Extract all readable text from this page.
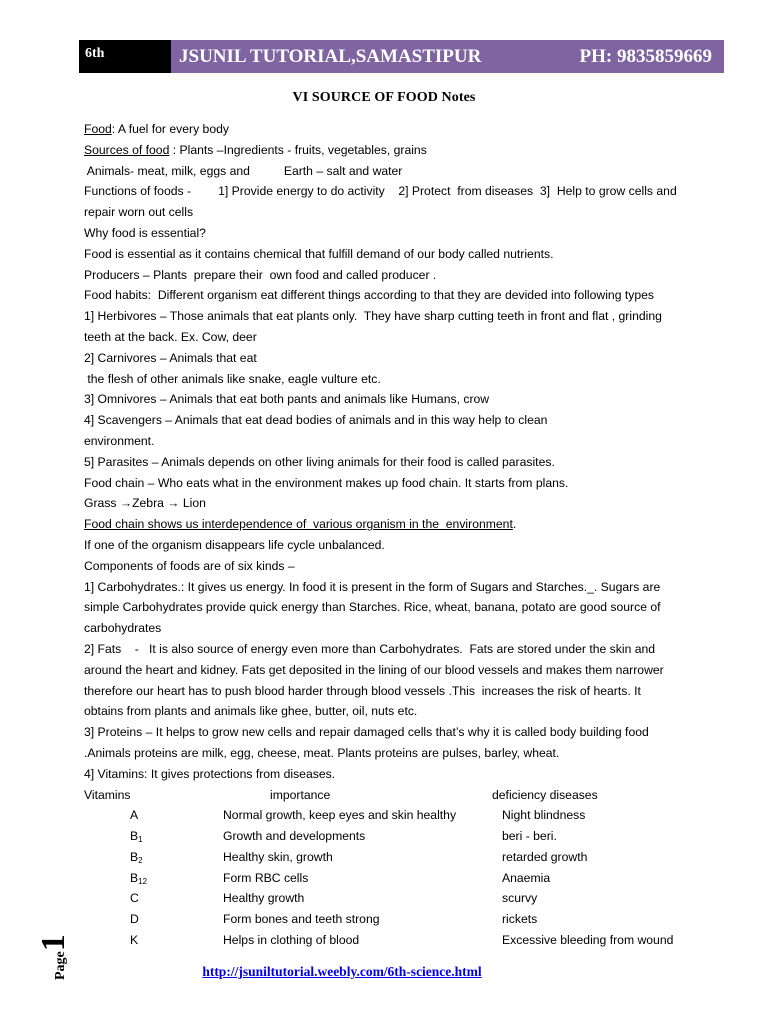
6th	JSUNIL TUTORIAL,SAMASTIPUR	PH: 9835859669
VI SOURCE OF FOOD Notes

Food: A fuel for every body

Sources of food : Plants –Ingredients - fruits, vegetables, grains

Animals- meat, milk, eggs and          Earth – salt and water

Functions of foods -        1] Provide energy to do activity    2] Protect  from diseases  3]  Help to grow cells and

repair worn out cells

Why food is essential?

Food is essential as it contains chemical that fulfill demand of our body called nutrients.

Producers – Plants  prepare their  own food and called producer .

Food habits:  Different organism eat different things according to that they are devided into following types

1] Herbivores – Those animals that eat plants only.  They have sharp cutting teeth in front and flat , grinding

teeth at the back. Ex. Cow, deer

2] Carnivores – Animals that eat

the flesh of other animals like snake, eagle vulture etc.

3] Omnivores – Animals that eat both pants and animals like Humans, crow

4] Scavengers – Animals that eat dead bodies of animals and in this way help to clean

environment.

5] Parasites – Animals depends on other living animals for their food is called parasites.

Food chain – Who eats what in the environment makes up food chain. It starts from plans.

Grass →Zebra → Lion

Food chain shows us interdependence of  various organism in the  environment.

If one of the organism disappears life cycle unbalanced.

Components of foods are of six kinds –

1] Carbohydrates.: It gives us energy. In food it is present in the form of Sugars and Starches._. Sugars are

simple Carbohydrates provide quick energy than Starches. Rice, wheat, banana, potato are good source of

carbohydrates

2] Fats    -   It is also source of energy even more than Carbohydrates.  Fats are stored under the skin and

around the heart and kidney. Fats get deposited in the lining of our blood vessels and makes them narrower

therefore our heart has to push blood harder through blood vessels .This  increases the risk of hearts. It

obtains from plants and animals like ghee, butter, oil, nuts etc.

3] Proteins – It helps to grow new cells and repair damaged cells that’s why it is called body building food

.Animals proteins are milk, egg, cheese, meat. Plants proteins are pulses, barley, wheat.

4] Vitamins: It gives protections from diseases.

Vitamins	importance	deficiency diseases
A	Normal growth, keep eyes and skin healthy	Night blindness
$B_1$	Growth and developments	beri - beri.
$B_2$	Healthy skin, growth	retarded growth
$B_{12}$	Form RBC cells	Anaemia
C	Healthy growth	scurvy
D	Form bones and teeth strong	rickets
K	Helps in clothing of blood	Excessive bleeding from wound
Page1
http://jsuniltutorial.weebly.com/6th-science.html
